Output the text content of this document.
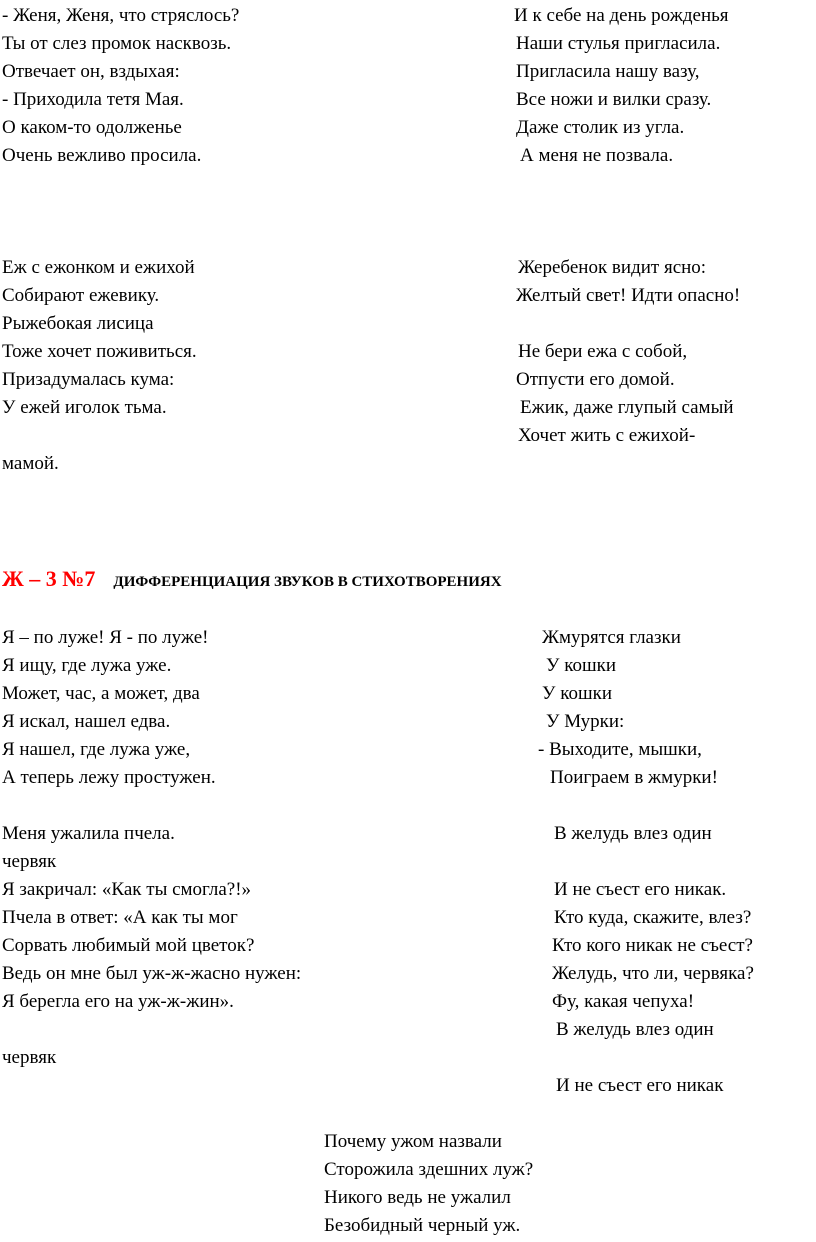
- Женя, Женя, что стряслось?
Ты от слез промок насквозь.
Отвечает он, вздыхая:
- Приходила тетя Мая.
О каком-то одолженье
Очень вежливо просила.
И к себе на день рожденья
Наши стулья пригласила.
Пригласила нашу вазу,
Все ножи и вилки сразу.
Даже столик из угла.
А меня не позвала.
Еж с ежонком и ежихой
Собирают ежевику.
Рыжебокая лисица
Тоже хочет поживиться.
Призадумалась кума:
У ежей иголок тьма.
Жеребенок видит ясно:
Желтый свет! Идти опасно!
Не бери ежа с собой,
Отпусти его домой.
Ежик, даже глупый самый
Хочет жить с ежихой-
мамой.
Ж – 3 №7 ДИФФЕРЕНЦИАЦИЯ ЗВУКОВ В СТИХОТВОРЕНИЯХ
Я – по луже! Я - по луже!
Я ищу, где лужа уже.
Может, час, а может, два
Я искал, нашел едва.
Я нашел, где лужа уже,
А теперь лежу простужен.
Жмурятся глазки
У кошки
У кошки
У Мурки:
- Выходите, мышки,
Поиграем в жмурки!
Меня ужалила пчела.
червяк
Я закричал: «Как ты смогла?!»
Пчела в ответ: «А как ты мог
Сорвать любимый мой цветок?
Ведь он мне был уж-ж-жасно нужен:
Я берегла его на уж-ж-жин».
червяк
В желудь влез один
И не съест его никак.
Кто куда, скажите, влез?
Кто кого никак не съест?
Желудь, что ли, червяка?
Фу, какая чепуха!
В желудь влез один
И не съест его никак
Почему ужом назвали
Сторожила здешних луж?
Никого ведь не ужалил
Безобидный черный уж.
